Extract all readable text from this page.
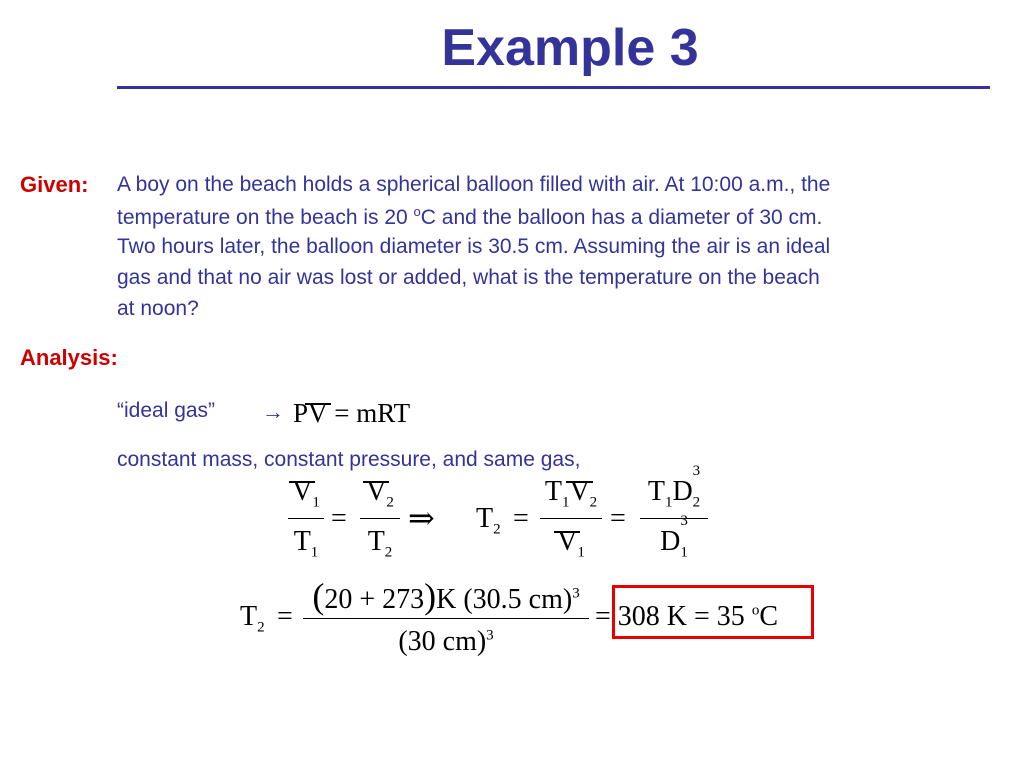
Example 3
Given: A boy on the beach holds a spherical balloon filled with air. At 10:00 a.m., the
temperature on the beach is 20 $^o$C and the balloon has a diameter of 30 cm.
Two hours later, the balloon diameter is 30.5 cm. Assuming the air is an ideal
gas and that no air was lost or added, what is the temperature on the beach
at noon?
Analysis:
“ideal gas” → PV = mRT
constant mass, constant pressure, and same gas,
$V_1$
$T_1$
=
$V_2$
$T_2$
⇒ $T_2$ =
$T_1V_2$
$V_1$
=
$T_1D$
3
$_2$
D
3
$_1$
$T_2$ =
(20 + 273)K (30.5 cm)$^3$
(30 cm)$^3$
= 308 K = 35 $^o$C
